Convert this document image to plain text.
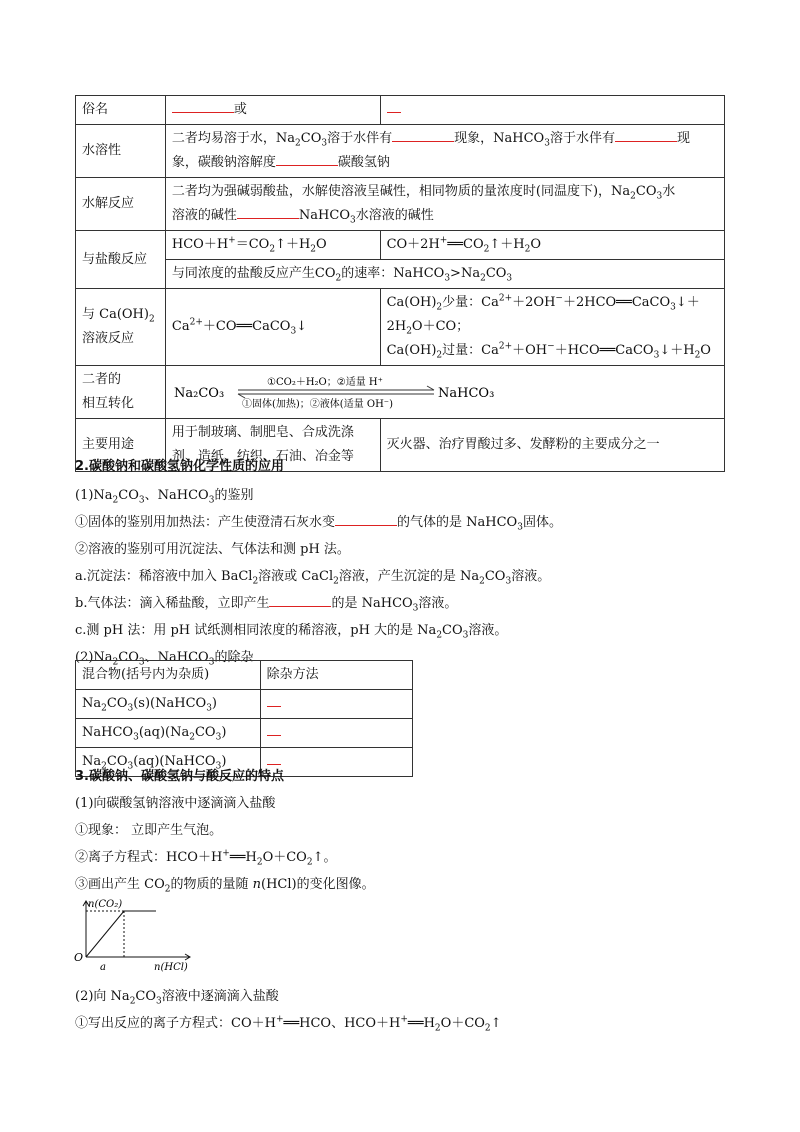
俗名	或	
水溶性	二者均易溶于水，$Na_2CO_3$溶于水伴有 现象，NaHCO$_3$溶于水伴有 现
象，碳酸钠溶解度 碳酸氢钠	
水解反应	二者均为强碱弱酸盐，水解使溶液呈碱性，相同物质的量浓度时(同温度下)，$Na_2CO_3$水
溶液的碱性 NaHCO$_3$水溶液的碱性	
与盐酸反应	$HCO+H^+=CO_2↑+H_2O$	$CO+2H^+══CO_2↑+H_2O$
	与同浓度的盐酸反应产生$CO_2$的速率：$NaHCO_3>Na_2CO_3$
与 $Ca(OH)_2$
溶液反应	$Ca^{2+}+CO══CaCO_3↓$	$Ca(OH)_2$少量：$Ca^{2+}+2OH^-+2HCO══CaCO_3↓+$
$2H_2O+CO$；
$Ca(OH)_2$过量：$Ca^{2+}+OH^-+HCO══CaCO_3↓+H_2O$
二者的
相互转化	Na₂CO₃
①CO₂＋H₂O；②适量 H⁺
①固体(加热)；②液体(适量 OH⁻)
NaHCO₃	

主要用途	用于制玻璃、制肥皂、合成洗涤
剂、造纸、纺织、石油、冶金等	灭火器、治疗胃酸过多、发酵粉的主要成分之一
2.碳酸钠和碳酸氢钠化学性质的应用
$(1)Na_2CO_3$、NaHCO$_3$的鉴别
①固体的鉴别用加热法：产生使澄清石灰水变	的气体的是 NaHCO$_3$固体。
②溶液的鉴别可用沉淀法、气体法和测 pH 法。
a.沉淀法：稀溶液中加入 BaCl$_2$溶液或 CaCl$_2$溶液，产生沉淀的是 $Na_2CO_3$溶液。
b.气体法：滴入稀盐酸，立即产生	的是 NaHCO$_3$溶液。
c.测 pH 法：用 pH 试纸测相同浓度的稀溶液，pH 大的是 $Na_2CO_3$溶液。
$(2)Na_2CO_3$、NaHCO$_3$的除杂
混合物(括号内为杂质)	除杂方法
$Na_2CO_3(s)(NaHCO_3)$	
$NaHCO_3(aq)(Na_2CO_3)$	
$Na_2CO_3(aq)(NaHCO_3)$	
3.碳酸钠、碳酸氢钠与酸反应的特点
(1)向碳酸氢钠溶液中逐滴滴入盐酸
①现象： 立即产生气泡。
②离子方程式：$HCO+H^+══H_2O+CO_2↑$。
③画出产生 $CO_2$的物质的量随 n(HCl)的变化图像。
n(CO₂)
O
a	n(HCl)
(2)向 $Na_2CO_3$溶液中逐滴滴入盐酸
①写出反应的离子方程式：CO＋H+══HCO、$HCO+H^+══H_2O+CO_2↑$
